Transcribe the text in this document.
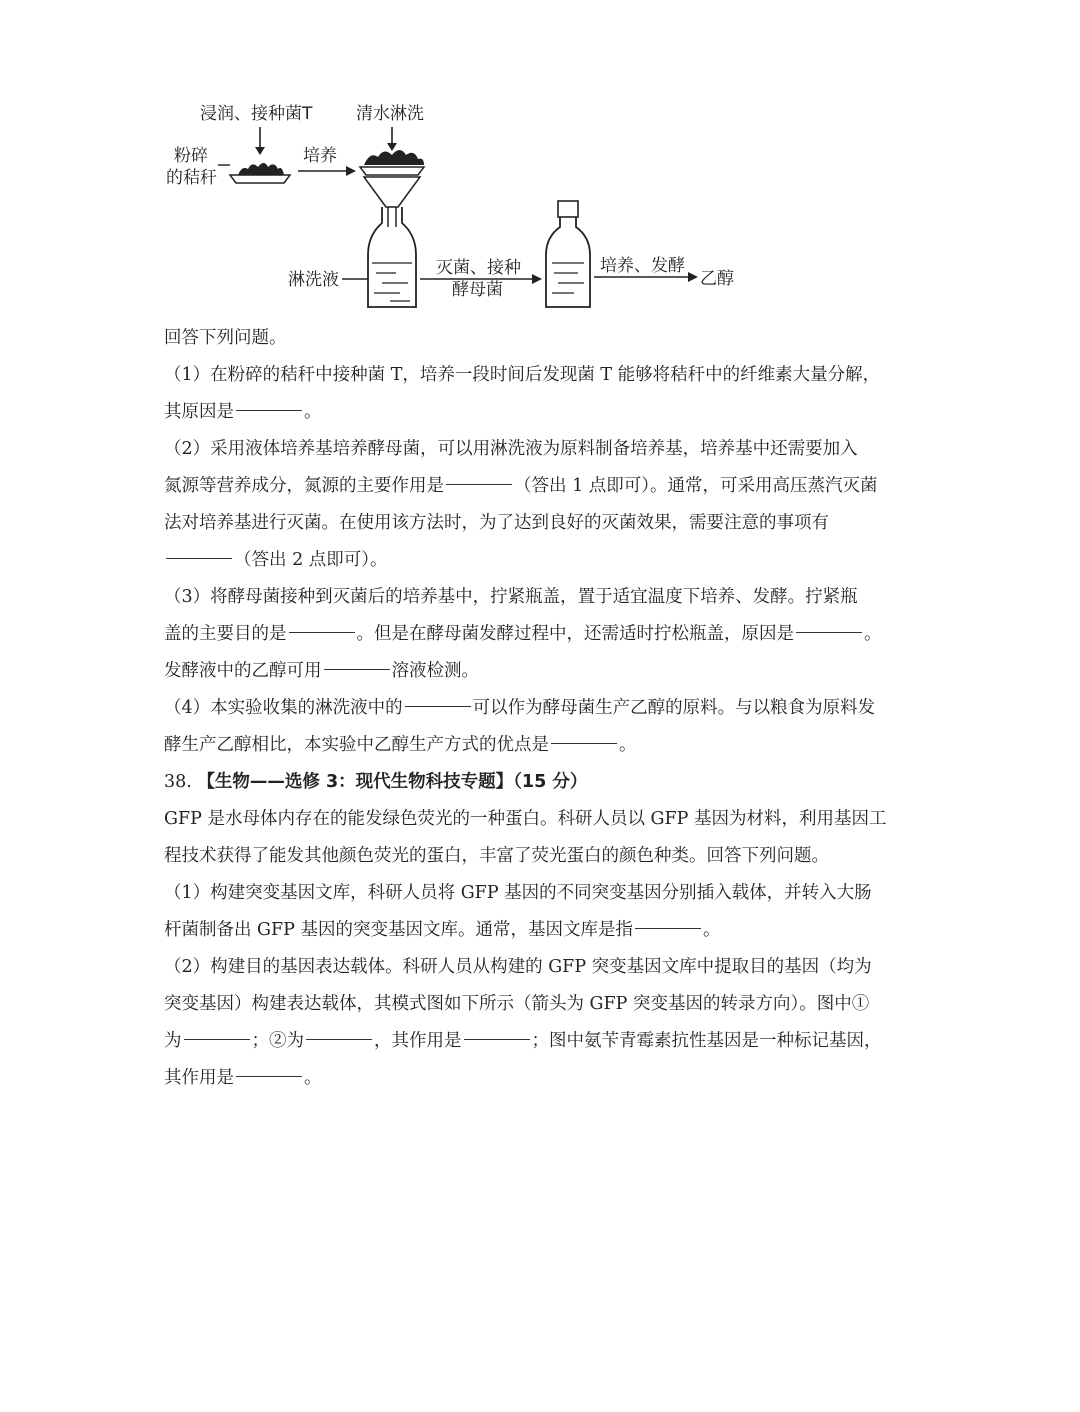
浸润、接种菌T	清水淋洗
粉碎
的秸秆
培养
淋洗液
灭菌、接种
酵母菌
培养、发酵
乙醇

回答下列问题。

（1）在粉碎的秸秆中接种菌 T，培养一段时间后发现菌 T 能够将秸秆中的纤维素大量分解，
其原因是	。

（2）采用液体培养基培养酵母菌，可以用淋洗液为原料制备培养基，培养基中还需要加入
氮源等营养成分，氮源的主要作用是	（答出 1 点即可）。通常，可采用高压蒸汽灭菌
法对培养基进行灭菌。在使用该方法时，为了达到良好的灭菌效果，需要注意的事项有
（答出 2 点即可）。

（3）将酵母菌接种到灭菌后的培养基中，拧紧瓶盖，置于适宜温度下培养、发酵。拧紧瓶
盖的主要目的是	。但是在酵母菌发酵过程中，还需适时拧松瓶盖，原因是	。
发酵液中的乙醇可用	溶液检测。

（4）本实验收集的淋洗液中的	可以作为酵母菌生产乙醇的原料。与以粮食为原料发
酵生产乙醇相比，本实验中乙醇生产方式的优点是	。

38. 【生物——选修 3：现代生物科技专题】（15 分）

GFP 是水母体内存在的能发绿色荧光的一种蛋白。科研人员以 GFP 基因为材料，利用基因工
程技术获得了能发其他颜色荧光的蛋白，丰富了荧光蛋白的颜色种类。回答下列问题。

（1）构建突变基因文库，科研人员将 GFP 基因的不同突变基因分别插入载体，并转入大肠
杆菌制备出 GFP 基因的突变基因文库。通常，基因文库是指	。

（2）构建目的基因表达载体。科研人员从构建的 GFP 突变基因文库中提取目的基因（均为
突变基因）构建表达载体，其模式图如下所示（箭头为 GFP 突变基因的转录方向）。图中①
为	；②为	，其作用是	；图中氨苄青霉素抗性基因是一种标记基因，
其作用是	。
